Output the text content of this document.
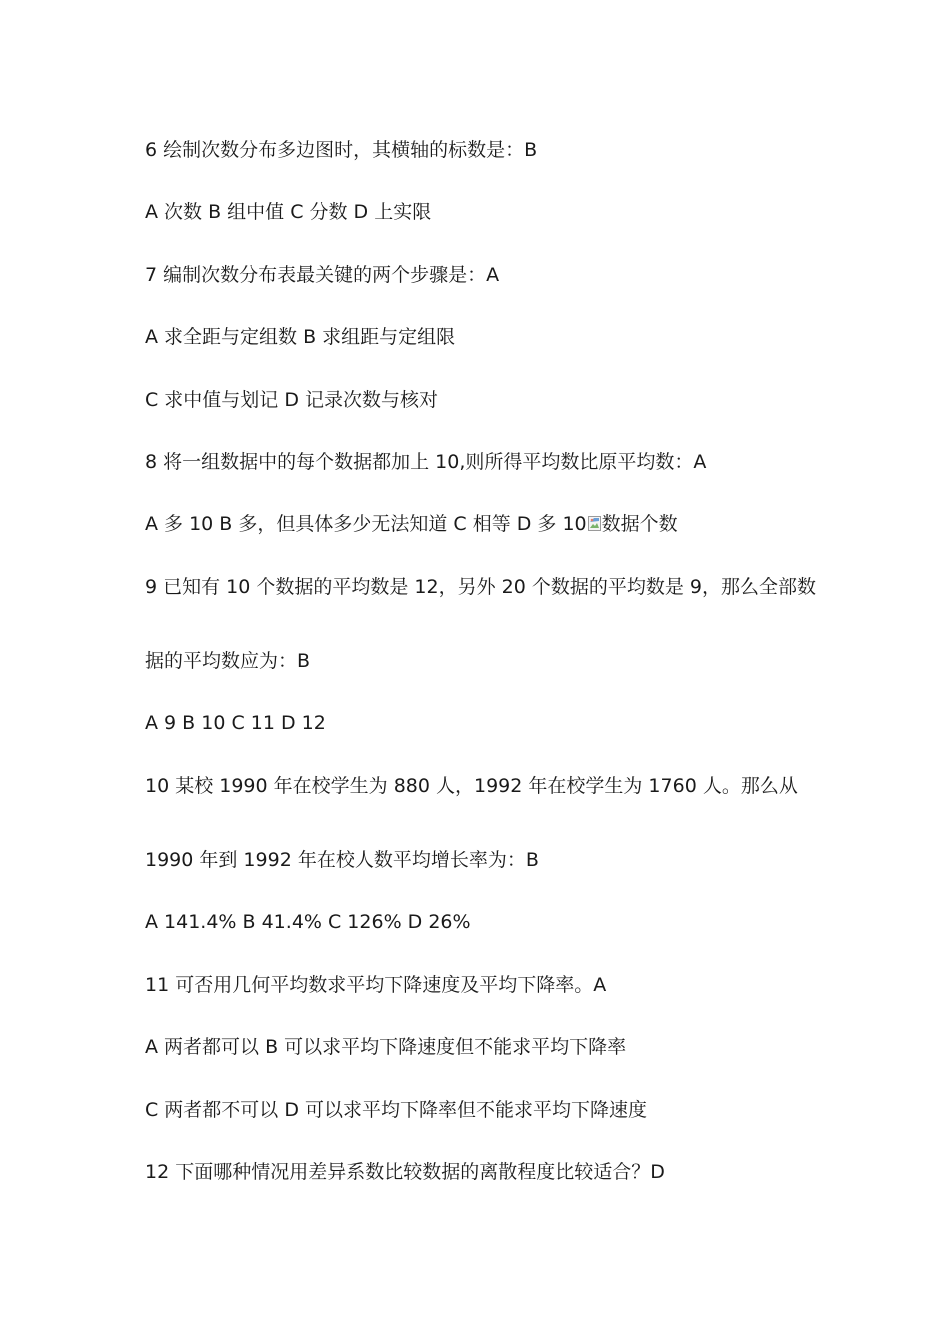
6 绘制次数分布多边图时，其横轴的标数是：B
A 次数 B 组中值 C 分数 D 上实限
7 编制次数分布表最关键的两个步骤是：A
A 求全距与定组数 B 求组距与定组限
C 求中值与划记 D 记录次数与核对
8 将一组数据中的每个数据都加上 10,则所得平均数比原平均数：A
A 多 10 B 多，但具体多少无法知道 C 相等 D 多 10 数据个数
9 已知有 10 个数据的平均数是 12，另外 20 个数据的平均数是 9，那么全部数
据的平均数应为：B
A 9 B 10 C 11 D 12
10 某校 1990 年在校学生为 880 人，1992 年在校学生为 1760 人。那么从
1990 年到 1992 年在校人数平均增长率为：B
A 141.4% B 41.4% C 126% D 26%
11 可否用几何平均数求平均下降速度及平均下降率。A
A 两者都可以 B 可以求平均下降速度但不能求平均下降率
C 两者都不可以 D 可以求平均下降率但不能求平均下降速度
12 下面哪种情况用差异系数比较数据的离散程度比较适合？D
